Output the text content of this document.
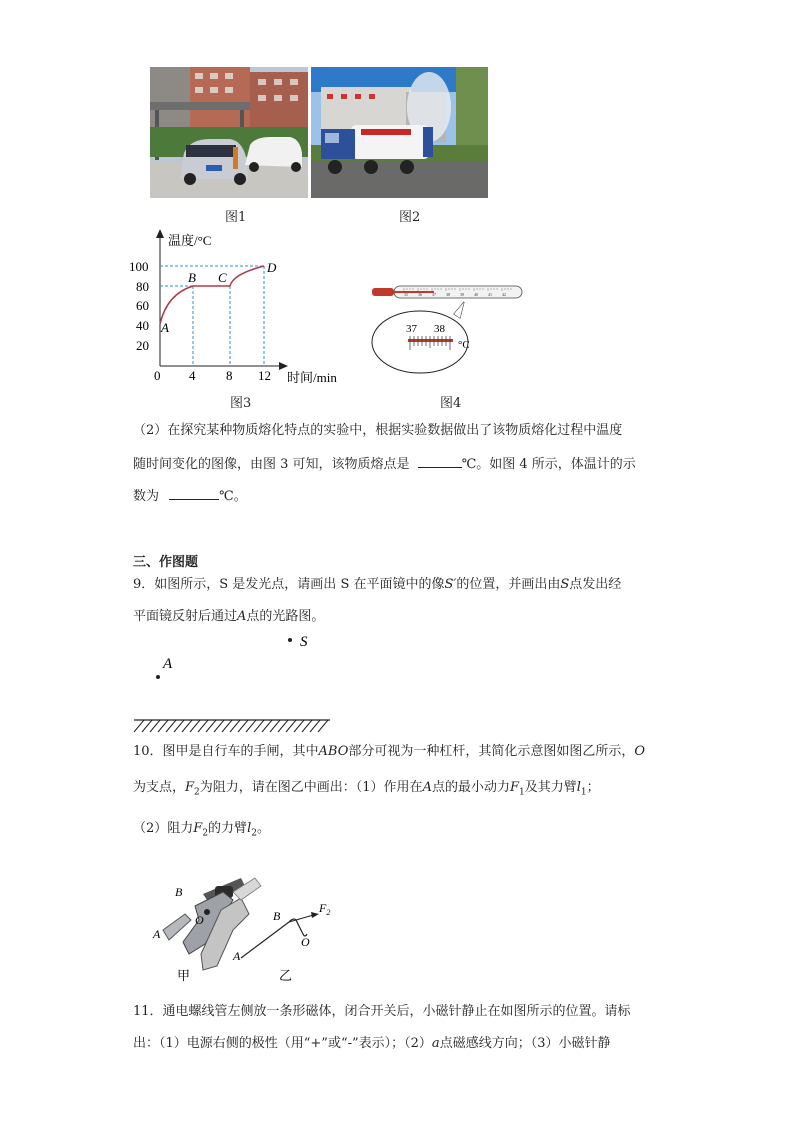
图1	图2
温度/°C
时间/min
100
80
60
40
20
0 4 8 12
A
B C
D
图3
35	36	37	38	39	40	41	42
37 38
°C
图4
（2）在探究某种物质熔化特点的实验中，根据实验数据做出了该物质熔化过程中温度
随时间变化的图像，由图 3 可知，该物质熔点是	℃。如图 4 所示，体温计的示
数为	℃。
三、作图题
9．如图所示，S 是发光点，请画出 S 在平面镜中的像S′的位置，并画出由S点发出经
平面镜反射后通过A点的光路图。
S
A
10．图甲是自行车的手闸，其中ABO部分可视为一种杠杆，其简化示意图如图乙所示，O
为支点，$F_2$为阻力，请在图乙中画出：（1）作用在A点的最小动力$F_1$及其力臂$l_1$；
（2）阻力$F_2$的力臂$l_2$。
B
O
A
甲
B
O
A
$F_2$
乙
11．通电螺线管左侧放一条形磁体，闭合开关后，小磁针静止在如图所示的位置。请标
出：（1）电源右侧的极性（用“+”或“-”表示）；（2）a点磁感线方向；（3）小磁针静
